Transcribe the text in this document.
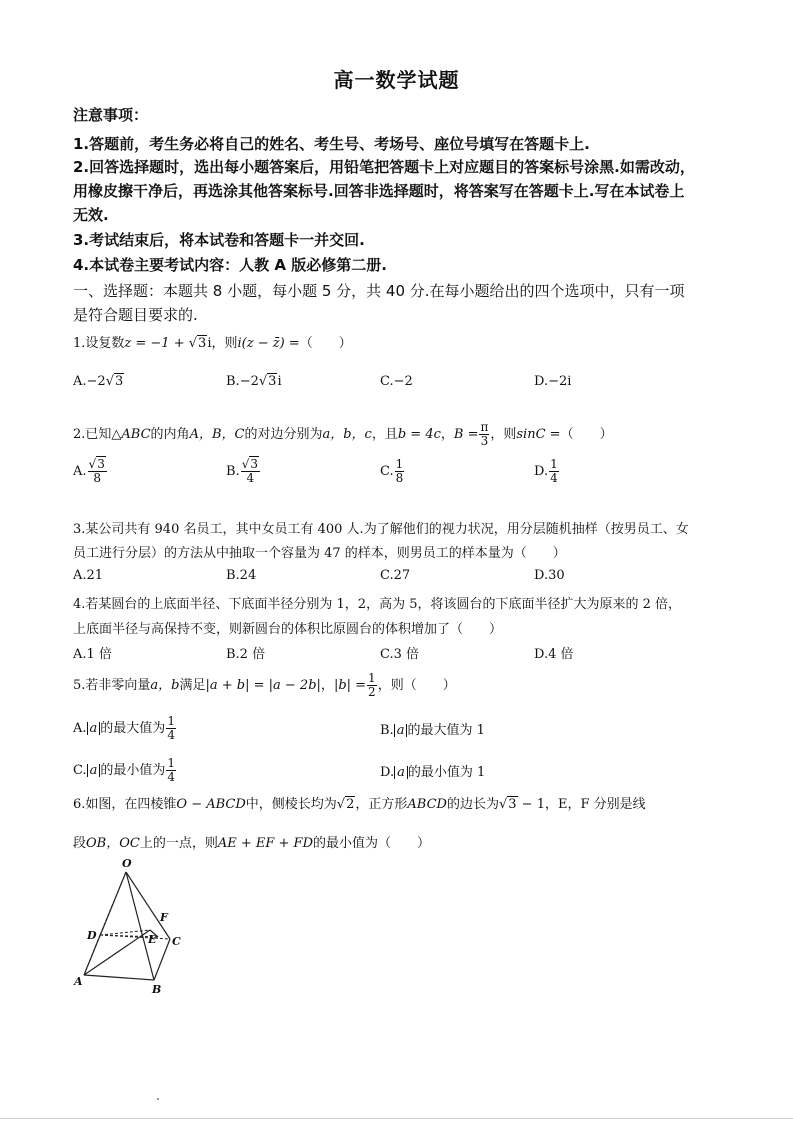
高一数学试题
注意事项：
1.答题前，考生务必将自己的姓名、考生号、考场号、座位号填写在答题卡上.
2.回答选择题时，选出每小题答案后，用铅笔把答题卡上对应题目的答案标号涂黑.如需改动，
用橡皮擦干净后，再选涂其他答案标号.回答非选择题时，将答案写在答题卡上.写在本试卷上
无效.
3.考试结束后，将本试卷和答题卡一并交回.
4.本试卷主要考试内容：人教 A 版必修第二册.
一、选择题：本题共 8 小题，每小题 5 分，共 40 分.在每小题给出的四个选项中，只有一项
是符合题目要求的.
1.设复数z = −1 + √3i，则i(z − z̄) =（　　）
A.−2√3	B.−2√3i	C.−2	D.−2i
2.已知△ABC的内角A，B，C的对边分别为a，b，c，且b = 4c，$B = \frac{\pi}{3}$ ，则sinC =（　　）
A. $\frac{√3}{8}$	B. $\frac{√3}{4}$	C. $\frac{1}{8}$	D. $\frac{1}{4}$
3.某公司共有 940 名员工，其中女员工有 400 人.为了解他们的视力状况，用分层随机抽样（按男员工、女
员工进行分层）的方法从中抽取一个容量为 47 的样本，则男员工的样本量为（　　）
A.21	B.24	C.27	D.30
4.若某圆台的上底面半径、下底面半径分别为 1，2，高为 5，将该圆台的下底面半径扩大为原来的 2 倍，
上底面半径与高保持不变，则新圆台的体积比原圆台的体积增加了（　　）
A.1 倍	B.2 倍	C.3 倍	D.4 倍
5.若非零向量a，b满足|a + b| = |a − 2b|，$|b| = \frac{1}{2}$ ，则（　　）
A. a 的最大值为 $\frac{1}{4}$	B. a 的最大值为 1
C. a 的最小值为 $\frac{1}{4}$	D. a 的最小值为 1
6.如图，在四棱锥O − ABCD中，侧棱长均为√2，正方形ABCD的边长为√3 − 1，E，F 分别是线
段OB，OC上的一点，则AE + EF + FD的最小值为（　　）
O
A
B
C
D	E
F
